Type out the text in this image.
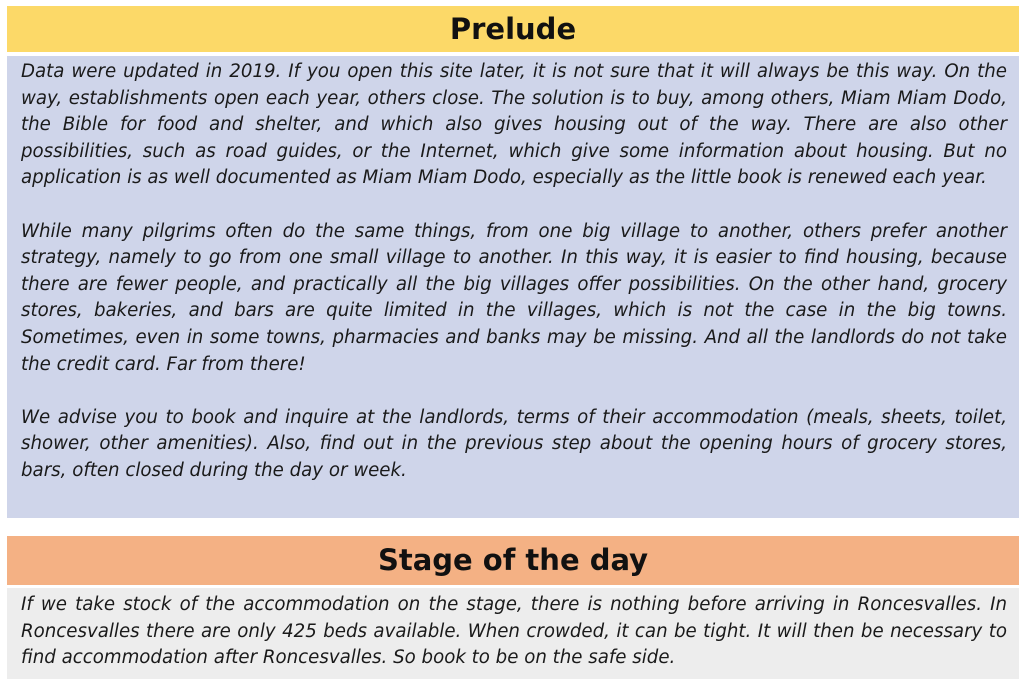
Prelude

Data were updated in 2019. If you open this site later, it is not sure that it will always be this way. On the way, establishments open each year, others close. The solution is to buy, among others, Miam Miam Dodo, the Bible for food and shelter, and which also gives housing out of the way. There are also other possibilities, such as road guides, or the Internet, which give some information about housing. But no application is as well documented as Miam Miam Dodo, especially as the little book is renewed each year.

While many pilgrims often do the same things, from one big village to another, others prefer another strategy, namely to go from one small village to another. In this way, it is easier to find housing, because there are fewer people, and practically all the big villages offer possibilities. On the other hand, grocery stores, bakeries, and bars are quite limited in the villages, which is not the case in the big towns. Sometimes, even in some towns, pharmacies and banks may be missing. And all the landlords do not take the credit card. Far from there!

We advise you to book and inquire at the landlords, terms of their accommodation (meals, sheets, toilet, shower, other amenities). Also, find out in the previous step about the opening hours of grocery stores, bars, often closed during the day or week.

Stage of the day

If we take stock of the accommodation on the stage, there is nothing before arriving in Roncesvalles. In Roncesvalles there are only 425 beds available. When crowded, it can be tight. It will then be necessary to find accommodation after Roncesvalles. So book to be on the safe side.
